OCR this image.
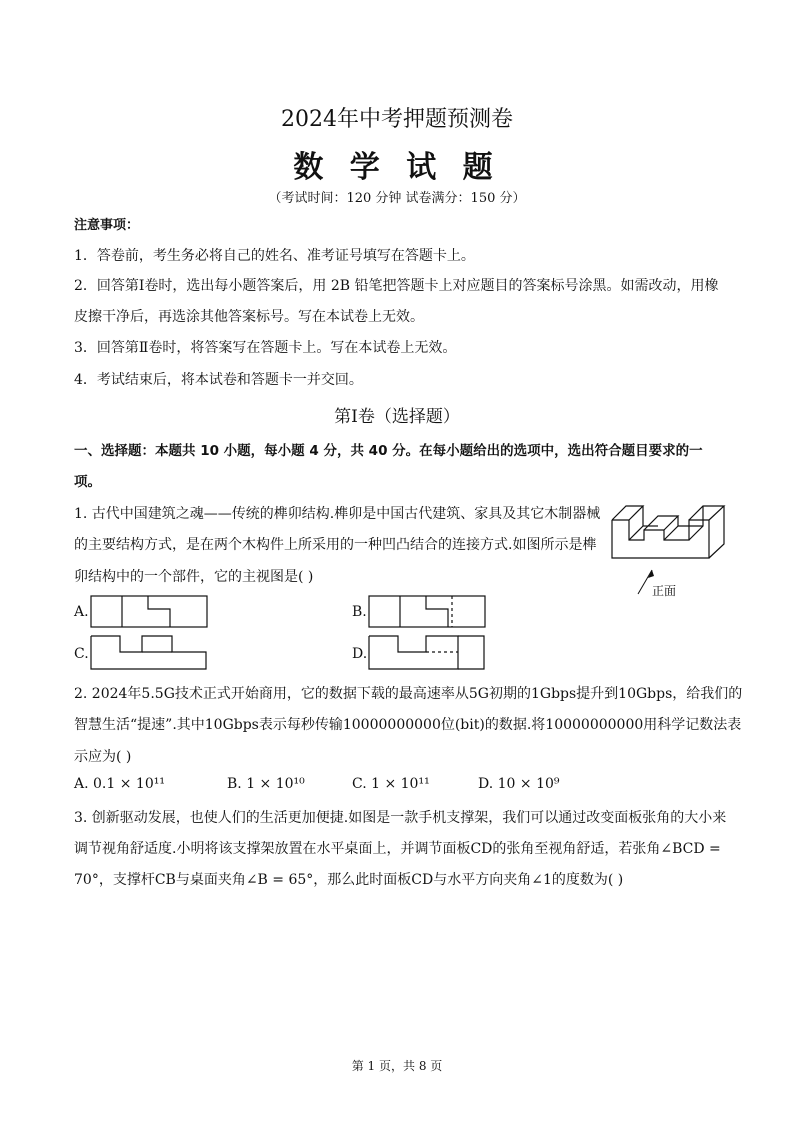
2024年中考押题预测卷
数 学 试 题
（考试时间：120 分钟 试卷满分：150 分）
注意事项：
1．答卷前，考生务必将自己的姓名、准考证号填写在答题卡上。
2．回答第Ⅰ卷时，选出每小题答案后，用 2B 铅笔把答题卡上对应题目的答案标号涂黑。如需改动，用橡
皮擦干净后，再选涂其他答案标号。写在本试卷上无效。
3．回答第Ⅱ卷时，将答案写在答题卡上。写在本试卷上无效。
4．考试结束后，将本试卷和答题卡一并交回。
第Ⅰ卷（选择题）
一、选择题：本题共 10 小题，每小题 4 分，共 40 分。在每小题给出的选项中，选出符合题目要求的一
项。
1. 古代中国建筑之魂——传统的榫卯结构.榫卯是中国古代建筑、家具及其它木制器械
的主要结构方式，是在两个木构件上所采用的一种凹凸结合的连接方式.如图所示是榫
卯结构中的一个部件，它的主视图是( )
正面
A.	B.
C.	D.
2. 2024年5.5G技术正式开始商用，它的数据下载的最高速率从5G初期的1Gbps提升到10Gbps，给我们的
智慧生活“提速”.其中10Gbps表示每秒传输10000000000位(bit)的数据.将10000000000用科学记数法表
示应为( )
A. 0.1 × 10¹¹	B. 1 × 10¹⁰	C. 1 × 10¹¹	D. 10 × 10⁹
3. 创新驱动发展，也使人们的生活更加便捷.如图是一款手机支撑架，我们可以通过改变面板张角的大小来
调节视角舒适度.小明将该支撑架放置在水平桌面上，并调节面板CD的张角至视角舒适，若张角∠BCD =
70°，支撑杆CB与桌面夹角∠B = 65°，那么此时面板CD与水平方向夹角∠1的度数为( )
第 1 页，共 8 页
